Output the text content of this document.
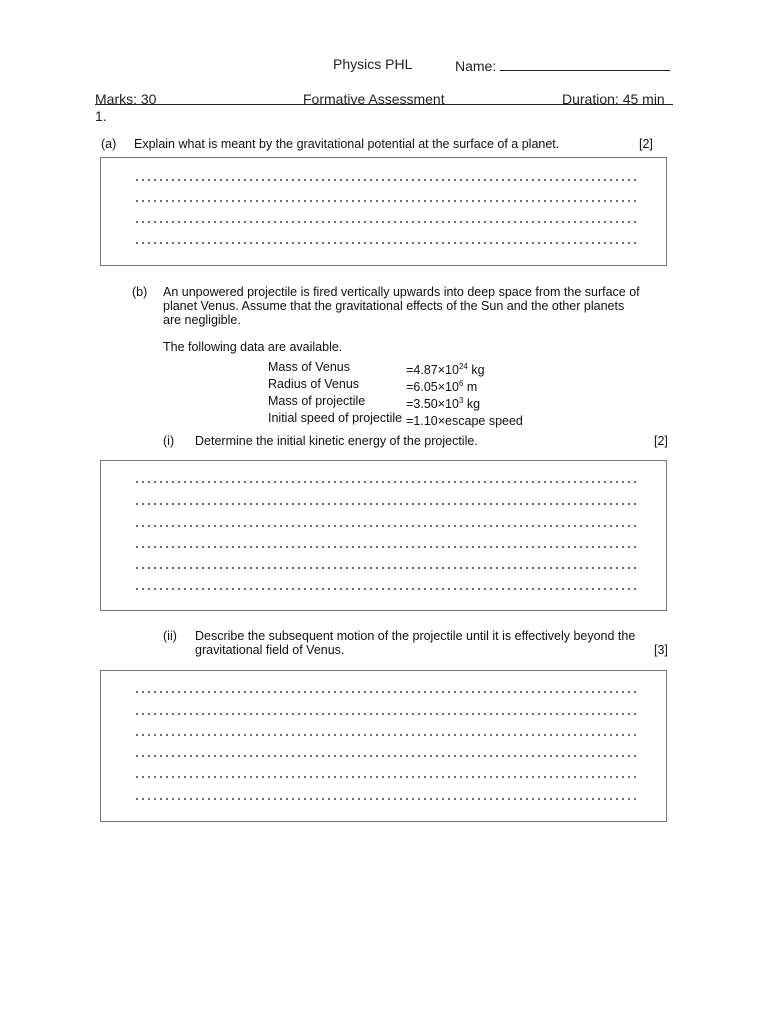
Physics PHL	Name:
Marks: 30	Formative Assessment	Duration: 45 min
1.
(a) Explain what is meant by the gravitational potential at the surface of a planet.	[2]
(b) An unpowered projectile is fired vertically upwards into deep space from the surface of
planet Venus. Assume that the gravitational effects of the Sun and the other planets
are negligible.
The following data are available.
Mass of Venus	$=4.87\times 10^{24}$ kg
Radius of Venus	$=6.05\times 10^6$ m
Mass of projectile	$=3.50\times 10^3$ kg
Initial speed of projectile	=1.10×escape speed
(i) Determine the initial kinetic energy of the projectile.	[2]
(ii) Describe the subsequent motion of the projectile until it is effectively beyond the
gravitational field of Venus.	[3]
